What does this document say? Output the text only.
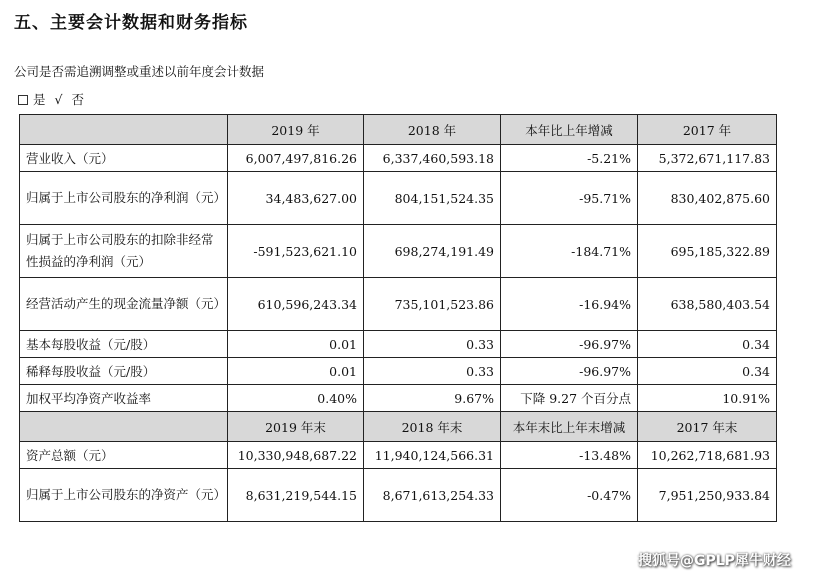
五、主要会计数据和财务指标
公司是否需追溯调整或重述以前年度会计数据
是 √ 否
	2019 年	2018 年	本年比上年增减	2017 年
营业收入（元）	6,007,497,816.26	6,337,460,593.18	-5.21%	5,372,671,117.83
归属于上市公司股东的净利润（元）	34,483,627.00	804,151,524.35	-95.71%	830,402,875.60
归属于上市公司股东的扣除非经常性损益的净利润（元）	-591,523,621.10	698,274,191.49	-184.71%	695,185,322.89
经营活动产生的现金流量净额（元）	610,596,243.34	735,101,523.86	-16.94%	638,580,403.54
基本每股收益（元/股）	0.01	0.33	-96.97%	0.34
稀释每股收益（元/股）	0.01	0.33	-96.97%	0.34
加权平均净资产收益率	0.40%	9.67%	下降 9.27 个百分点	10.91%
	2019 年末	2018 年末	本年末比上年末增减	2017 年末
资产总额（元）	10,330,948,687.22	11,940,124,566.31	-13.48%	10,262,718,681.93
归属于上市公司股东的净资产（元）	8,631,219,544.15	8,671,613,254.33	-0.47%	7,951,250,933.84
搜狐号@GPLP犀牛财经
